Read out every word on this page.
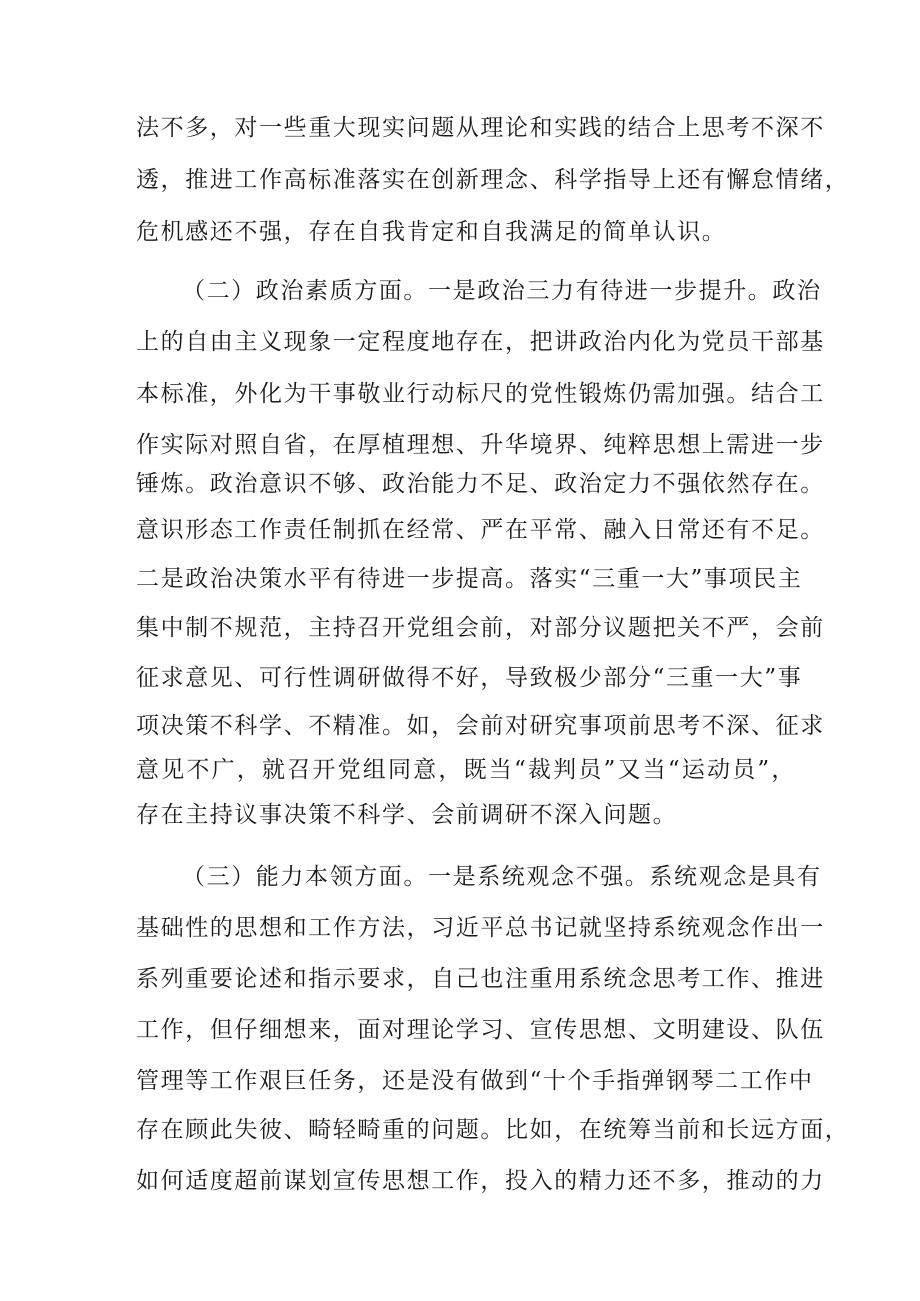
法不多，对一些重大现实问题从理论和实践的结合上思考不深不
透，推进工作高标准落实在创新理念、科学指导上还有懈怠情绪，
危机感还不强，存在自我肯定和自我满足的简单认识。
（二）政治素质方面。一是政治三力有待进一步提升。政治
上的自由主义现象一定程度地存在，把讲政治内化为党员干部基
本标准，外化为干事敬业行动标尺的党性锻炼仍需加强。结合工
作实际对照自省，在厚植理想、升华境界、纯粹思想上需进一步
锤炼。政治意识不够、政治能力不足、政治定力不强依然存在。
意识形态工作责任制抓在经常、严在平常、融入日常还有不足。
二是政治决策水平有待进一步提高。落实“三重一大”事项民主
集中制不规范，主持召开党组会前，对部分议题把关不严，会前
征求意见、可行性调研做得不好，导致极少部分“三重一大”事
项决策不科学、不精准。如，会前对研究事项前思考不深、征求
意见不广，就召开党组同意，既当“裁判员”又当“运动员”，
存在主持议事决策不科学、会前调研不深入问题。
（三）能力本领方面。一是系统观念不强。系统观念是具有
基础性的思想和工作方法，习近平总书记就坚持系统观念作出一
系列重要论述和指示要求，自己也注重用系统念思考工作、推进
工作，但仔细想来，面对理论学习、宣传思想、文明建设、队伍
管理等工作艰巨任务，还是没有做到“十个手指弹钢琴二工作中
存在顾此失彼、畸轻畸重的问题。比如，在统筹当前和长远方面，
如何适度超前谋划宣传思想工作，投入的精力还不多，推动的力
